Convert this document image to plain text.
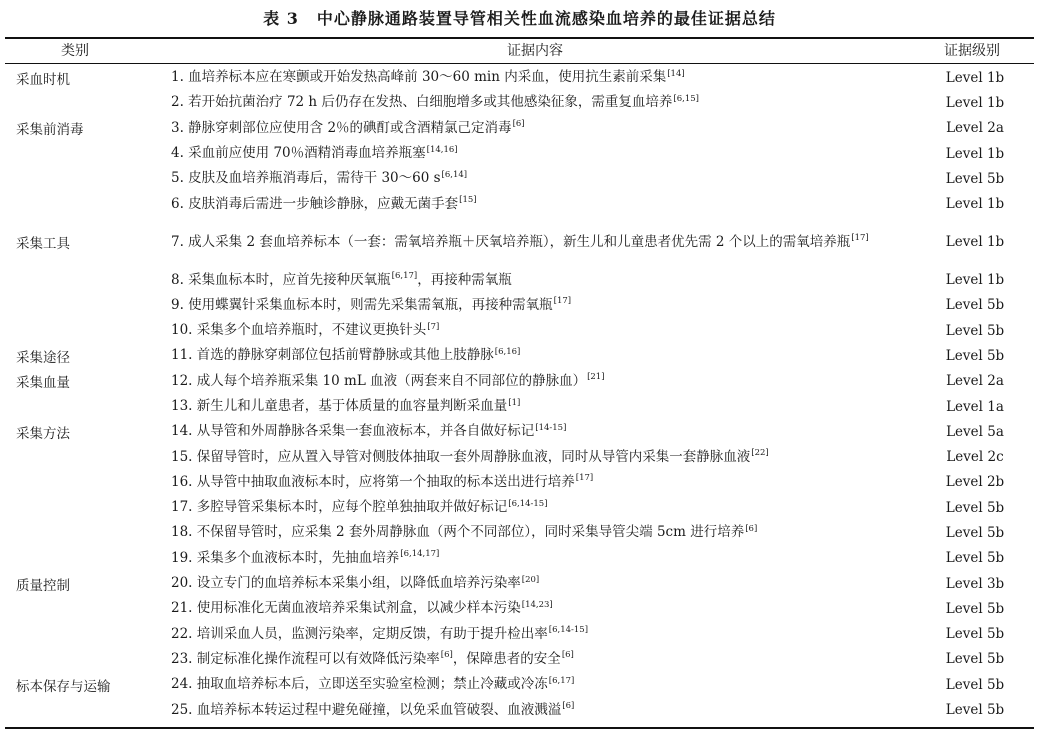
表 3 中心静脉通路装置导管相关性血流感染血培养的最佳证据总结
类别	证据内容	证据级别
采血时机	1. 血培养标本应在寒颤或开始发热高峰前 30～60 min 内采血，使用抗生素前采集[14]	Level 1b
2. 若开始抗菌治疗 72 h 后仍存在发热、白细胞增多或其他感染征象，需重复血培养[6,15]	Level 1b
采集前消毒	3. 静脉穿刺部位应使用含 2％的碘酊或含酒精氯己定消毒[6]	Level 2a
4. 采血前应使用 70％酒精消毒血培养瓶塞[14,16]	Level 1b
5. 皮肤及血培养瓶消毒后，需待干 30～60 s[6,14]	Level 5b
6. 皮肤消毒后需进一步触诊静脉，应戴无菌手套[15]	Level 1b
采集工具	7. 成人采集 2 套血培养标本（一套：需氧培养瓶＋厌氧培养瓶），新生儿和儿童患者优先需 2 个以上的需氧培养瓶[17]	Level 1b
8. 采集血标本时，应首先接种厌氧瓶[6,17]，再接种需氧瓶	Level 1b
9. 使用蝶翼针采集血标本时，则需先采集需氧瓶，再接种需氧瓶[17]	Level 5b
10. 采集多个血培养瓶时，不建议更换针头[7]	Level 5b
采集途径	11. 首选的静脉穿刺部位包括前臂静脉或其他上肢静脉[6,16]	Level 5b
采集血量	12. 成人每个培养瓶采集 10 mL 血液（两套来自不同部位的静脉血）[21]	Level 2a
13. 新生儿和儿童患者，基于体质量的血容量判断采血量[1]	Level 1a
采集方法	14. 从导管和外周静脉各采集一套血液标本，并各自做好标记[14-15]	Level 5a
15. 保留导管时，应从置入导管对侧肢体抽取一套外周静脉血液，同时从导管内采集一套静脉血液[22]	Level 2c
16. 从导管中抽取血液标本时，应将第一个抽取的标本送出进行培养[17]	Level 2b
17. 多腔导管采集标本时，应每个腔单独抽取并做好标记[6,14-15]	Level 5b
18. 不保留导管时，应采集 2 套外周静脉血（两个不同部位），同时采集导管尖端 5cm 进行培养[6]	Level 5b
19. 采集多个血液标本时，先抽血培养[6,14,17]	Level 5b
质量控制	20. 设立专门的血培养标本采集小组，以降低血培养污染率[20]	Level 3b
21. 使用标准化无菌血液培养采集试剂盒，以减少样本污染[14,23]	Level 5b
22. 培训采血人员，监测污染率，定期反馈，有助于提升检出率[6,14-15]	Level 5b
23. 制定标准化操作流程可以有效降低污染率[6]，保障患者的安全[6]	Level 5b
标本保存与运输	24. 抽取血培养标本后，立即送至实验室检测；禁止冷藏或冷冻[6,17]	Level 5b
25. 血培养标本转运过程中避免碰撞，以免采血管破裂、血液溅溢[6]	Level 5b
